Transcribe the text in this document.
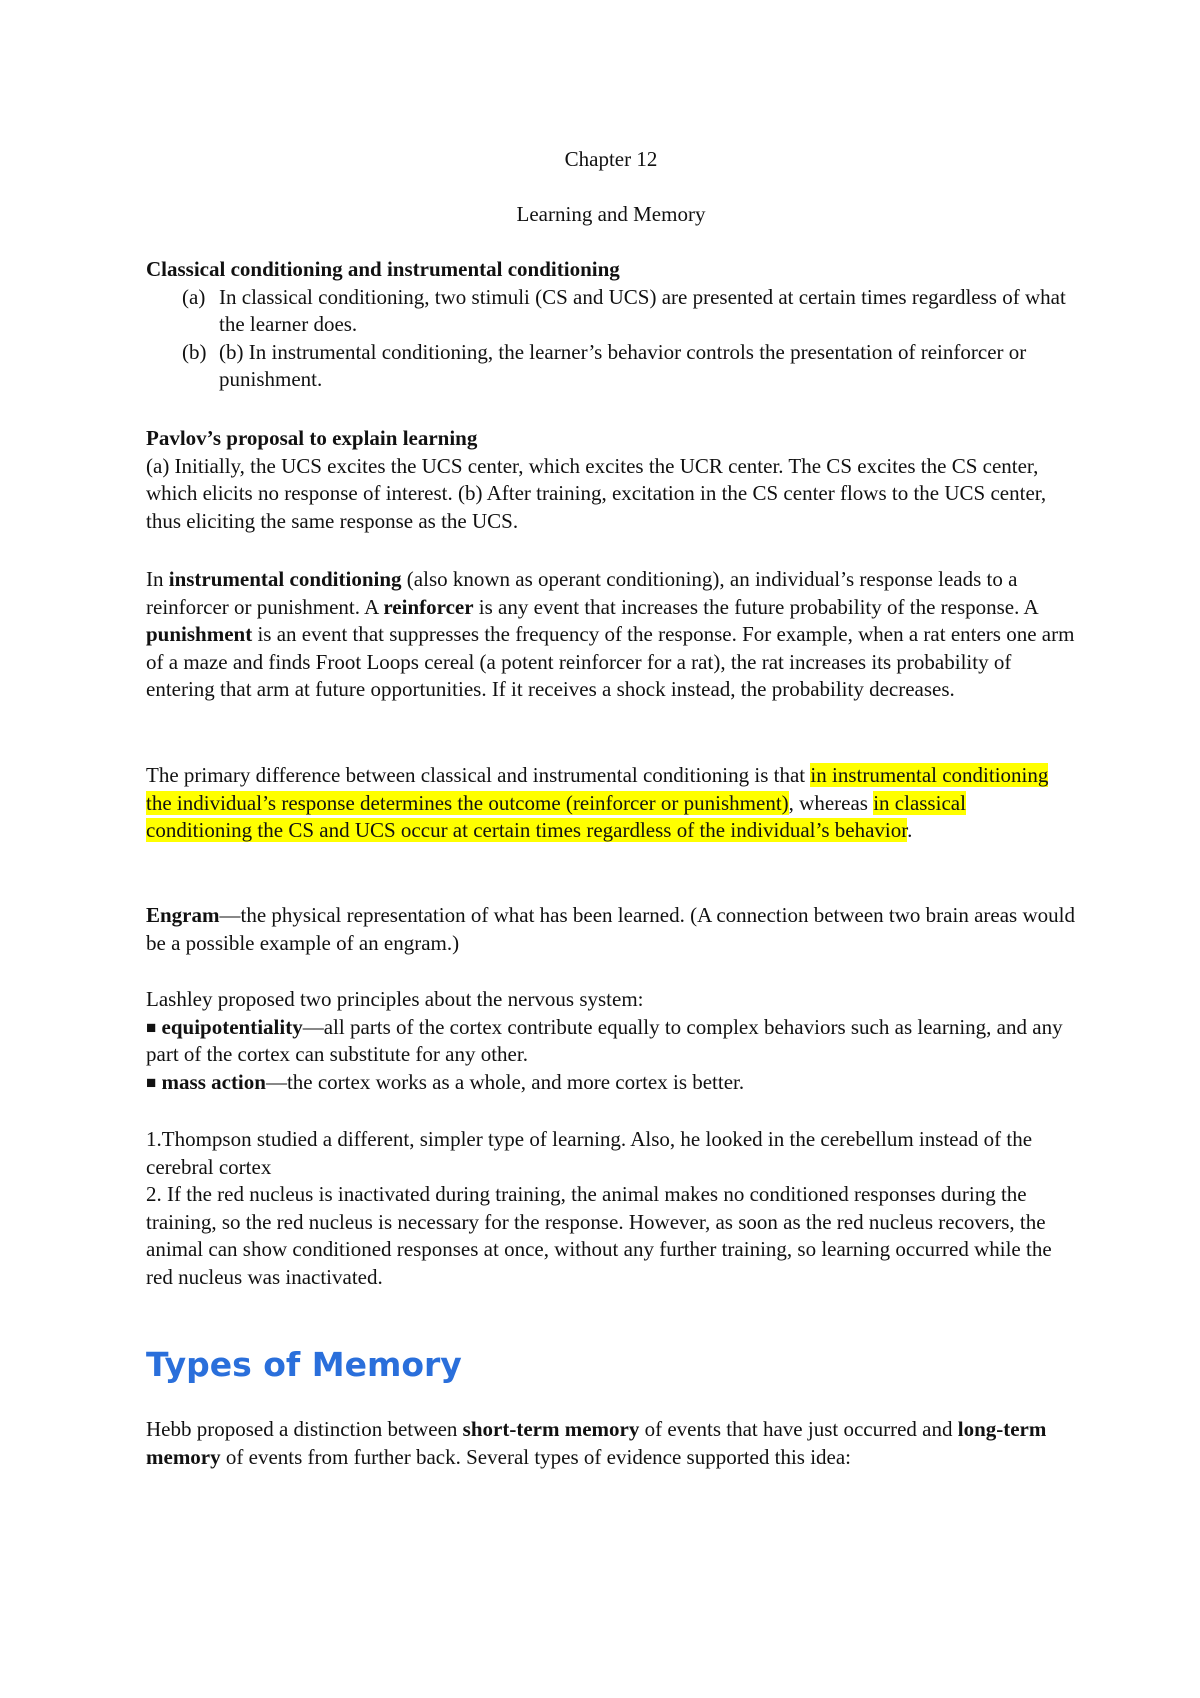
Chapter 12

Learning and Memory

Classical conditioning and instrumental conditioning

(a) In classical conditioning, two stimuli (CS and UCS) are presented at certain times regardless of what the learner does.
(b) (b) In instrumental conditioning, the learner’s behavior controls the presentation of reinforcer or punishment.

Pavlov’s proposal to explain learning

(a) Initially, the UCS excites the UCS center, which excites the UCR center. The CS excites the CS center, which elicits no response of interest. (b) After training, excitation in the CS center flows to the UCS center, thus eliciting the same response as the UCS.

In instrumental conditioning (also known as operant conditioning), an individual’s response leads to a reinforcer or punishment. A reinforcer is any event that increases the future probability of the response. A punishment is an event that suppresses the frequency of the response. For example, when a rat enters one arm of a maze and finds Froot Loops cereal (a potent reinforcer for a rat), the rat increases its probability of entering that arm at future opportunities. If it receives a shock instead, the probability decreases.

The primary difference between classical and instrumental conditioning is that in instrumental conditioning the individual’s response determines the outcome (reinforcer or punishment), whereas in classical conditioning the CS and UCS occur at certain times regardless of the individual’s behavior.

Engram—the physical representation of what has been learned. (A connection between two brain areas would be a possible example of an engram.)

Lashley proposed two principles about the nervous system:

■ equipotentiality—all parts of the cortex contribute equally to complex behaviors such as learning, and any part of the cortex can substitute for any other.

■ mass action—the cortex works as a whole, and more cortex is better.

1.Thompson studied a different, simpler type of learning. Also, he looked in the cerebellum instead of the cerebral cortex

2. If the red nucleus is inactivated during training, the animal makes no conditioned responses during the training, so the red nucleus is necessary for the response. However, as soon as the red nucleus recovers, the animal can show conditioned responses at once, without any further training, so learning occurred while the red nucleus was inactivated.

Types of Memory

Hebb proposed a distinction between short-term memory of events that have just occurred and long-term memory of events from further back. Several types of evidence supported this idea:
